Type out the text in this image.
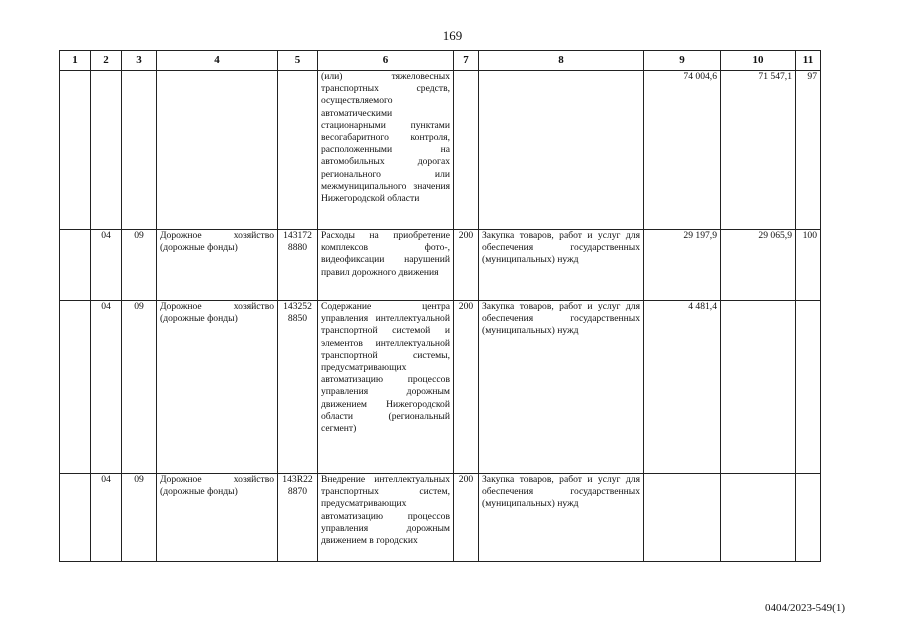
169
1	2	3	4	5	6	7	8	9	10	11
					(или) тяжеловесных транспортных средств, осуществляемого автоматическими стационарными пунктами весогабаритного контроля, расположенными на автомобильных дорогах регионального или межмуниципального значения Нижегородской области			74 004,6	71 547,1	97
	04	09	Дорожное хозяйство (дорожные фонды)	143172 8880	Расходы на приобретение комплексов фото-, видеофиксации нарушений правил дорожного движения	200	Закупка товаров, работ и услуг для обеспечения государственных (муниципальных) нужд	29 197,9	29 065,9	100
	04	09	Дорожное хозяйство (дорожные фонды)	143252 8850	Содержание центра управления интеллектуальной транспортной системой и элементов интеллектуальной транспортной системы, предусматривающих автоматизацию процессов управления дорожным движением Нижегородской области (региональный сегмент)	200	Закупка товаров, работ и услуг для обеспечения государственных (муниципальных) нужд	4 481,4		
	04	09	Дорожное хозяйство (дорожные фонды)	143R22 8870	Внедрение интеллектуальных транспортных систем, предусматривающих автоматизацию процессов управления дорожным движением в городских	200	Закупка товаров, работ и услуг для обеспечения государственных (муниципальных) нужд			
0404/2023-549(1)
